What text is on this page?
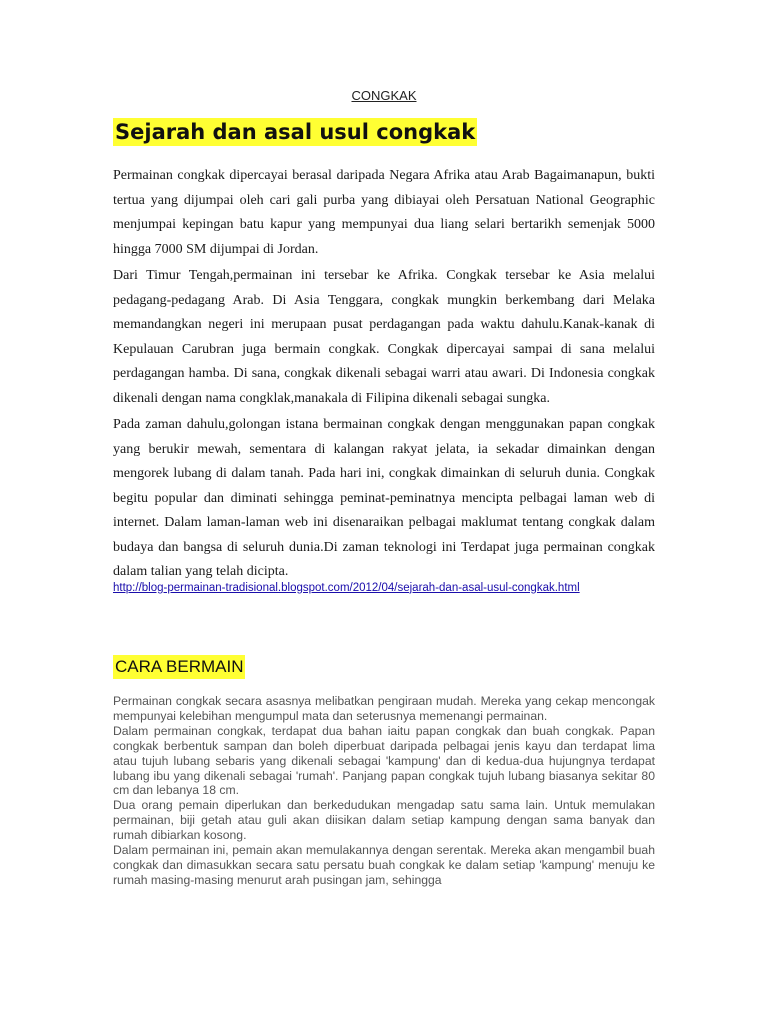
CONGKAK
Sejarah dan asal usul congkak

Permainan congkak dipercayai berasal daripada Negara Afrika atau Arab Bagaimanapun, bukti tertua yang dijumpai oleh cari gali purba yang dibiayai oleh Persatuan National Geographic menjumpai kepingan batu kapur yang mempunyai dua liang selari bertarikh semenjak 5000 hingga 7000 SM dijumpai di Jordan.

Dari Timur Tengah,permainan ini tersebar ke Afrika. Congkak tersebar ke Asia melalui pedagang-pedagang Arab. Di Asia Tenggara, congkak mungkin berkembang dari Melaka memandangkan negeri ini merupaan pusat perdagangan pada waktu dahulu.Kanak-kanak di Kepulauan Carubran juga bermain congkak. Congkak dipercayai sampai di sana melalui perdagangan hamba. Di sana, congkak dikenali sebagai warri atau awari. Di Indonesia congkak dikenali dengan nama congklak,manakala di Filipina dikenali sebagai sungka.

Pada zaman dahulu,golongan istana bermainan congkak dengan menggunakan papan congkak yang berukir mewah, sementara di kalangan rakyat jelata, ia sekadar dimainkan dengan mengorek lubang di dalam tanah. Pada hari ini, congkak dimainkan di seluruh dunia. Congkak begitu popular dan diminati sehingga peminat-peminatnya mencipta pelbagai laman web di internet. Dalam laman-laman web ini disenaraikan pelbagai maklumat tentang congkak dalam budaya dan bangsa di seluruh dunia.Di zaman teknologi ini Terdapat juga permainan congkak dalam talian yang telah dicipta.

http://blog-permainan-tradisional.blogspot.com/2012/04/sejarah-dan-asal-usul-congkak.html
CARA BERMAIN

Permainan congkak secara asasnya melibatkan pengiraan mudah. Mereka yang cekap mencongak mempunyai kelebihan mengumpul mata dan seterusnya memenangi permainan.

Dalam permainan congkak, terdapat dua bahan iaitu papan congkak dan buah congkak. Papan congkak berbentuk sampan dan boleh diperbuat daripada pelbagai jenis kayu dan terdapat lima atau tujuh lubang sebaris yang dikenali sebagai 'kampung' dan di kedua-dua hujungnya terdapat lubang ibu yang dikenali sebagai 'rumah'. Panjang papan congkak tujuh lubang biasanya sekitar 80 cm dan lebanya 18 cm.

Dua orang pemain diperlukan dan berkedudukan mengadap satu sama lain. Untuk memulakan permainan, biji getah atau guli akan diisikan dalam setiap kampung dengan sama banyak dan rumah dibiarkan kosong.

Dalam permainan ini, pemain akan memulakannya dengan serentak. Mereka akan mengambil buah congkak dan dimasukkan secara satu persatu buah congkak ke dalam setiap 'kampung' menuju ke rumah masing-masing menurut arah pusingan jam, sehingga
